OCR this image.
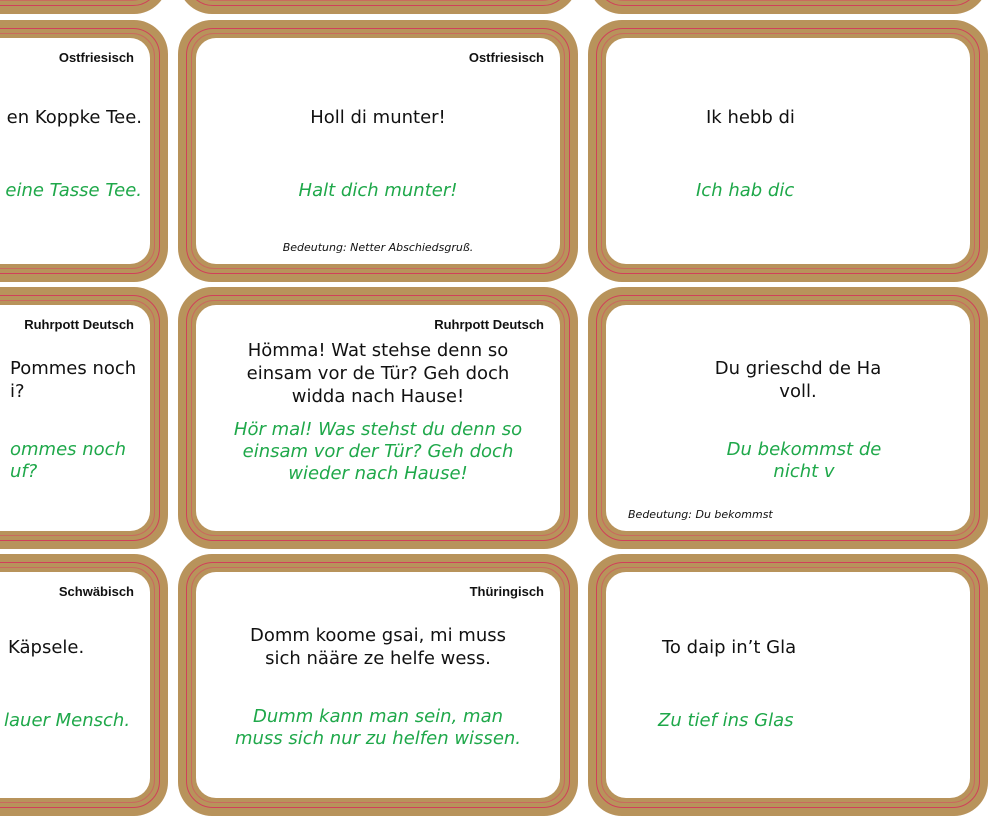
Ostfriesisch
en Koppke Tee.
eine Tasse Tee.
Ostfriesisch
Holl di munter!
Halt dich munter!
Bedeutung: Netter Abschiedsgruß.
Ik hebb di
Ich hab dic
Ruhrpott Deutsch
Pommes noch
i?
ommes noch
uf?
Ruhrpott Deutsch
Hömma! Wat stehse denn so
einsam vor de Tür? Geh doch
widda nach Hause!
Hör mal! Was stehst du denn so
einsam vor der Tür? Geh doch
wieder nach Hause!
Du grieschd de Ha
voll.
Du bekommst de
nicht v
Bedeutung: Du bekommst
Schwäbisch
Käpsele.
lauer Mensch.
Thüringisch
Domm koome gsai, mi muss
sich nääre ze helfe wess.
Dumm kann man sein, man
muss sich nur zu helfen wissen.
To daip in’t Gla
Zu tief ins Glas
